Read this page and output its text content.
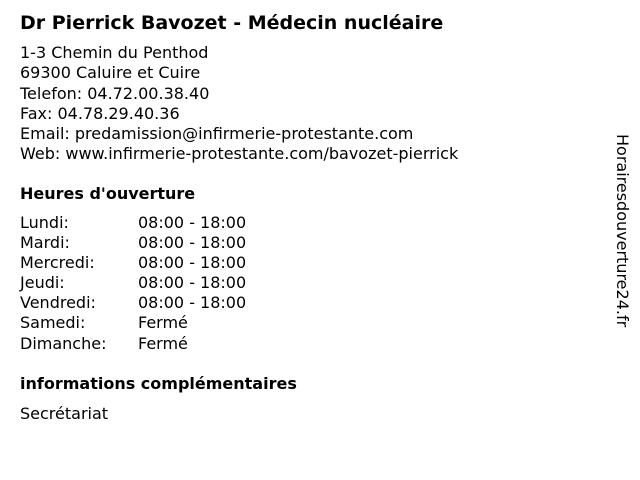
Dr Pierrick Bavozet - Médecin nucléaire
1-3 Chemin du Penthod
69300 Caluire et Cuire
Telefon: 04.72.00.38.40
Fax: 04.78.29.40.36
Email: predamission@infirmerie-protestante.com
Web: www.infirmerie-protestante.com/bavozet-pierrick
Heures d'ouverture
Lundi:	08:00 - 18:00
Mardi:	08:00 - 18:00
Mercredi:	08:00 - 18:00
Jeudi:	08:00 - 18:00
Vendredi:	08:00 - 18:00
Samedi:	Fermé
Dimanche:	Fermé
informations complémentaires
Secrétariat
Horairesdouverture24.fr
